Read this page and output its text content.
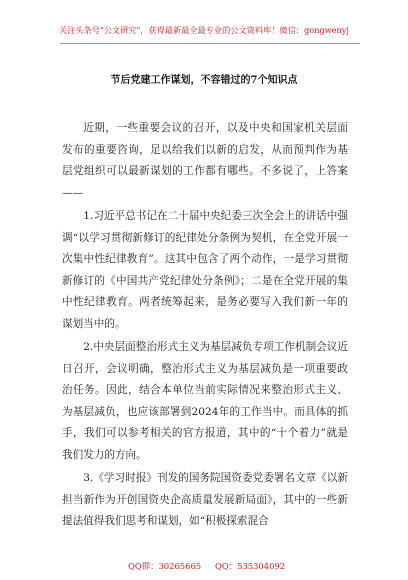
关注头条号"公文研究"，获得最新最全最专业的公文资料库！微信：gongwenyj
节后党建工作谋划，不容错过的7个知识点

近期，一些重要会议的召开，以及中央和国家机关层面发布的重要咨询，足以给我们以新的启发，从而预判作为基层党组织可以最新谋划的工作都有哪些。不多说了，上答案——

1.习近平总书记在二十届中央纪委三次全会上的讲话中强调“以学习贯彻新修订的纪律处分条例为契机，在全党开展一次集中性纪律教育”。这其中包含了两个动作，一是学习贯彻新修订的《中国共产党纪律处分条例》；二是在全党开展的集中性纪律教育。两者统筹起来，是务必要写入我们新一年的谋划当中的。

2.中央层面整治形式主义为基层减负专项工作机制会议近日召开，会议明确，整治形式主义为基层减负是一项重要政治任务。因此，结合本单位当前实际情况来整治形式主义、为基层减负，也应该部署到2024年的工作当中。而具体的抓手，我们可以参考相关的官方报道，其中的“十个着力”就是我们发力的方向。

3.《学习时报》刊发的国务院国资委党委署名文章《以新担当新作为开创国资央企高质量发展新局面》，其中的一些新提法值得我们思考和谋划，如“积极探索混合

QQ群：30265665 QQ：535304092
